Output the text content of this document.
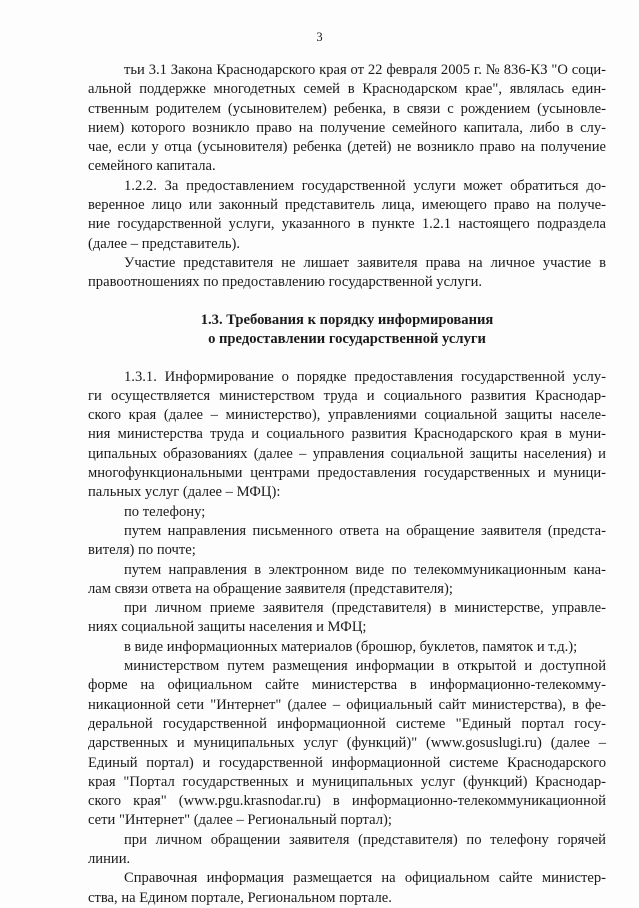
3
тьи 3.1 Закона Краснодарского края от 22 февраля 2005 г. № 836-КЗ "О соци-
альной поддержке многодетных семей в Краснодарском крае", являлась един-
ственным родителем (усыновителем) ребенка, в связи с рождением (усыновле-
нием) которого возникло право на получение семейного капитала, либо в слу-
чае, если у отца (усыновителя) ребенка (детей) не возникло право на получение
семейного капитала.
1.2.2. За предоставлением государственной услуги может обратиться до-
веренное лицо или законный представитель лица, имеющего право на получе-
ние государственной услуги, указанного в пункте 1.2.1 настоящего подраздела
(далее – представитель).
Участие представителя не лишает заявителя права на личное участие в
правоотношениях по предоставлению государственной услуги.
1.3. Требования к порядку информирования
о предоставлении государственной услуги
1.3.1. Информирование о порядке предоставления государственной услу-
ги осуществляется министерством труда и социального развития Краснодар-
ского края (далее – министерство), управлениями социальной защиты населе-
ния министерства труда и социального развития Краснодарского края в муни-
ципальных образованиях (далее – управления социальной защиты населения) и
многофункциональными центрами предоставления государственных и муници-
пальных услуг (далее – МФЦ):
по телефону;
путем направления письменного ответа на обращение заявителя (предста-
вителя) по почте;
путем направления в электронном виде по телекоммуникационным кана-
лам связи ответа на обращение заявителя (представителя);
при личном приеме заявителя (представителя) в министерстве, управле-
ниях социальной защиты населения и МФЦ;
в виде информационных материалов (брошюр, буклетов, памяток и т.д.);
министерством путем размещения информации в открытой и доступной
форме на официальном сайте министерства в информационно-телекомму-
никационной сети "Интернет" (далее – официальный сайт министерства), в фе-
деральной государственной информационной системе "Единый портал госу-
дарственных и муниципальных услуг (функций)" (www.gosuslugi.ru) (далее –
Единый портал) и государственной информационной системе Краснодарского
края "Портал государственных и муниципальных услуг (функций) Краснодар-
ского края" (www.pgu.krasnodar.ru) в информационно-телекоммуникационной
сети "Интернет" (далее – Региональный портал);
при личном обращении заявителя (представителя) по телефону горячей
линии.
Справочная информация размещается на официальном сайте министер-
ства, на Едином портале, Региональном портале.
